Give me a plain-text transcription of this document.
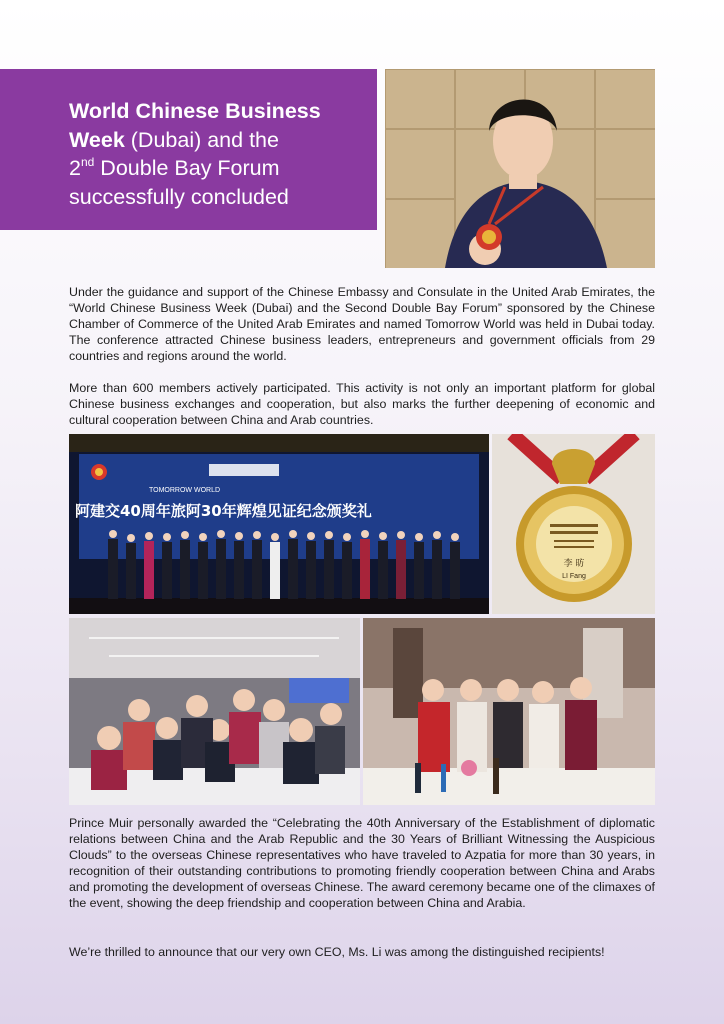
World Chinese Business Week (Dubai) and the
2nd Double Bay Forum successfully concluded

Under the guidance and support of the Chinese Embassy and Consulate in the United Arab Emirates, the “World Chinese Business Week (Dubai) and the Second Double Bay Forum” sponsored by the Chinese Chamber of Commerce of the United Arab Emirates and named Tomorrow World was held in Dubai today. The conference attracted Chinese business leaders, entrepreneurs and government officials from 29 countries and regions around the world.

More than 600 members actively participated. This activity is not only an important platform for global Chinese business exchanges and cooperation, but also marks the further deepening of economic and cultural cooperation between China and Arab countries.

TOMORROW WORLD
阿建交40周年旅阿30年辉煌见证纪念颁奖礼
李 昉
LI Fang

Prince Muir personally awarded the “Celebrating the 40th Anniversary of the Establishment of diplomatic relations between China and the Arab Republic and the 30 Years of Brilliant Witnessing the Auspicious Clouds” to the overseas Chinese representatives who have traveled to Azpatia for more than 30 years, in recognition of their outstanding contributions to promoting friendly cooperation between China and Arabs and promoting the development of overseas Chinese. The award ceremony became one of the climaxes of the event, showing the deep friendship and cooperation between China and Arabia.

We’re thrilled to announce that our very own CEO, Ms. Li was among the distinguished recipients!
